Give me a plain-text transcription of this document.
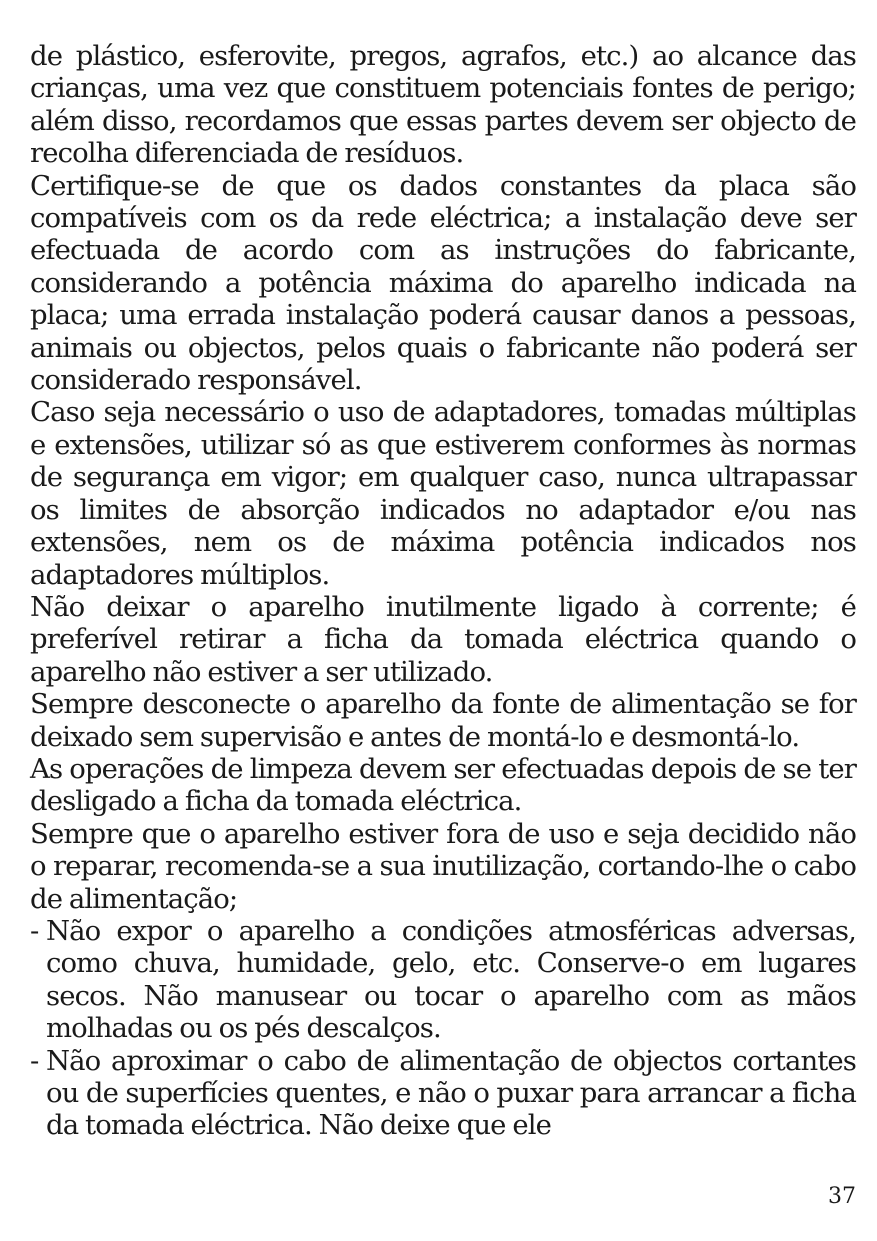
de plástico, esferovite, pregos, agrafos, etc.) ao alcance das crianças, uma vez que constituem potenciais fontes de perigo; além disso, recordamos que essas partes devem ser objecto de recolha diferenciada de resíduos.

Certifique-se de que os dados constantes da placa são compatíveis com os da rede eléctrica; a instalação deve ser efectuada de acordo com as instruções do fabricante, considerando a potência máxima do aparelho indicada na placa; uma errada instalação poderá causar danos a pessoas, animais ou objectos, pelos quais o fabricante não poderá ser considerado responsável.

Caso seja necessário o uso de adaptadores, tomadas múltiplas e extensões, utilizar só as que estiverem conformes às normas de segurança em vigor; em qualquer caso, nunca ultrapassar os limites de absorção indicados no adaptador e/ou nas extensões, nem os de máxima potência indicados nos adaptadores múltiplos.

Não deixar o aparelho inutilmente ligado à corrente; é preferível retirar a ficha da tomada eléctrica quando o aparelho não estiver a ser utilizado.

Sempre desconecte o aparelho da fonte de alimentação se for deixado sem supervisão e antes de montá-lo e desmontá-lo.

As operações de limpeza devem ser efectuadas depois de se ter desligado a ficha da tomada eléctrica.

Sempre que o aparelho estiver fora de uso e seja decidido não o reparar, recomenda-se a sua inutilização, cortando-lhe o cabo de alimentação;

- Não expor o aparelho a condições atmosféricas adversas, como chuva, humidade, gelo, etc. Conserve-o em lugares secos. Não manusear ou tocar o aparelho com as mãos molhadas ou os pés descalços.
- Não aproximar o cabo de alimentação de objectos cortantes ou de superfícies quentes, e não o puxar para arrancar a ficha da tomada eléctrica. Não deixe que ele
37
